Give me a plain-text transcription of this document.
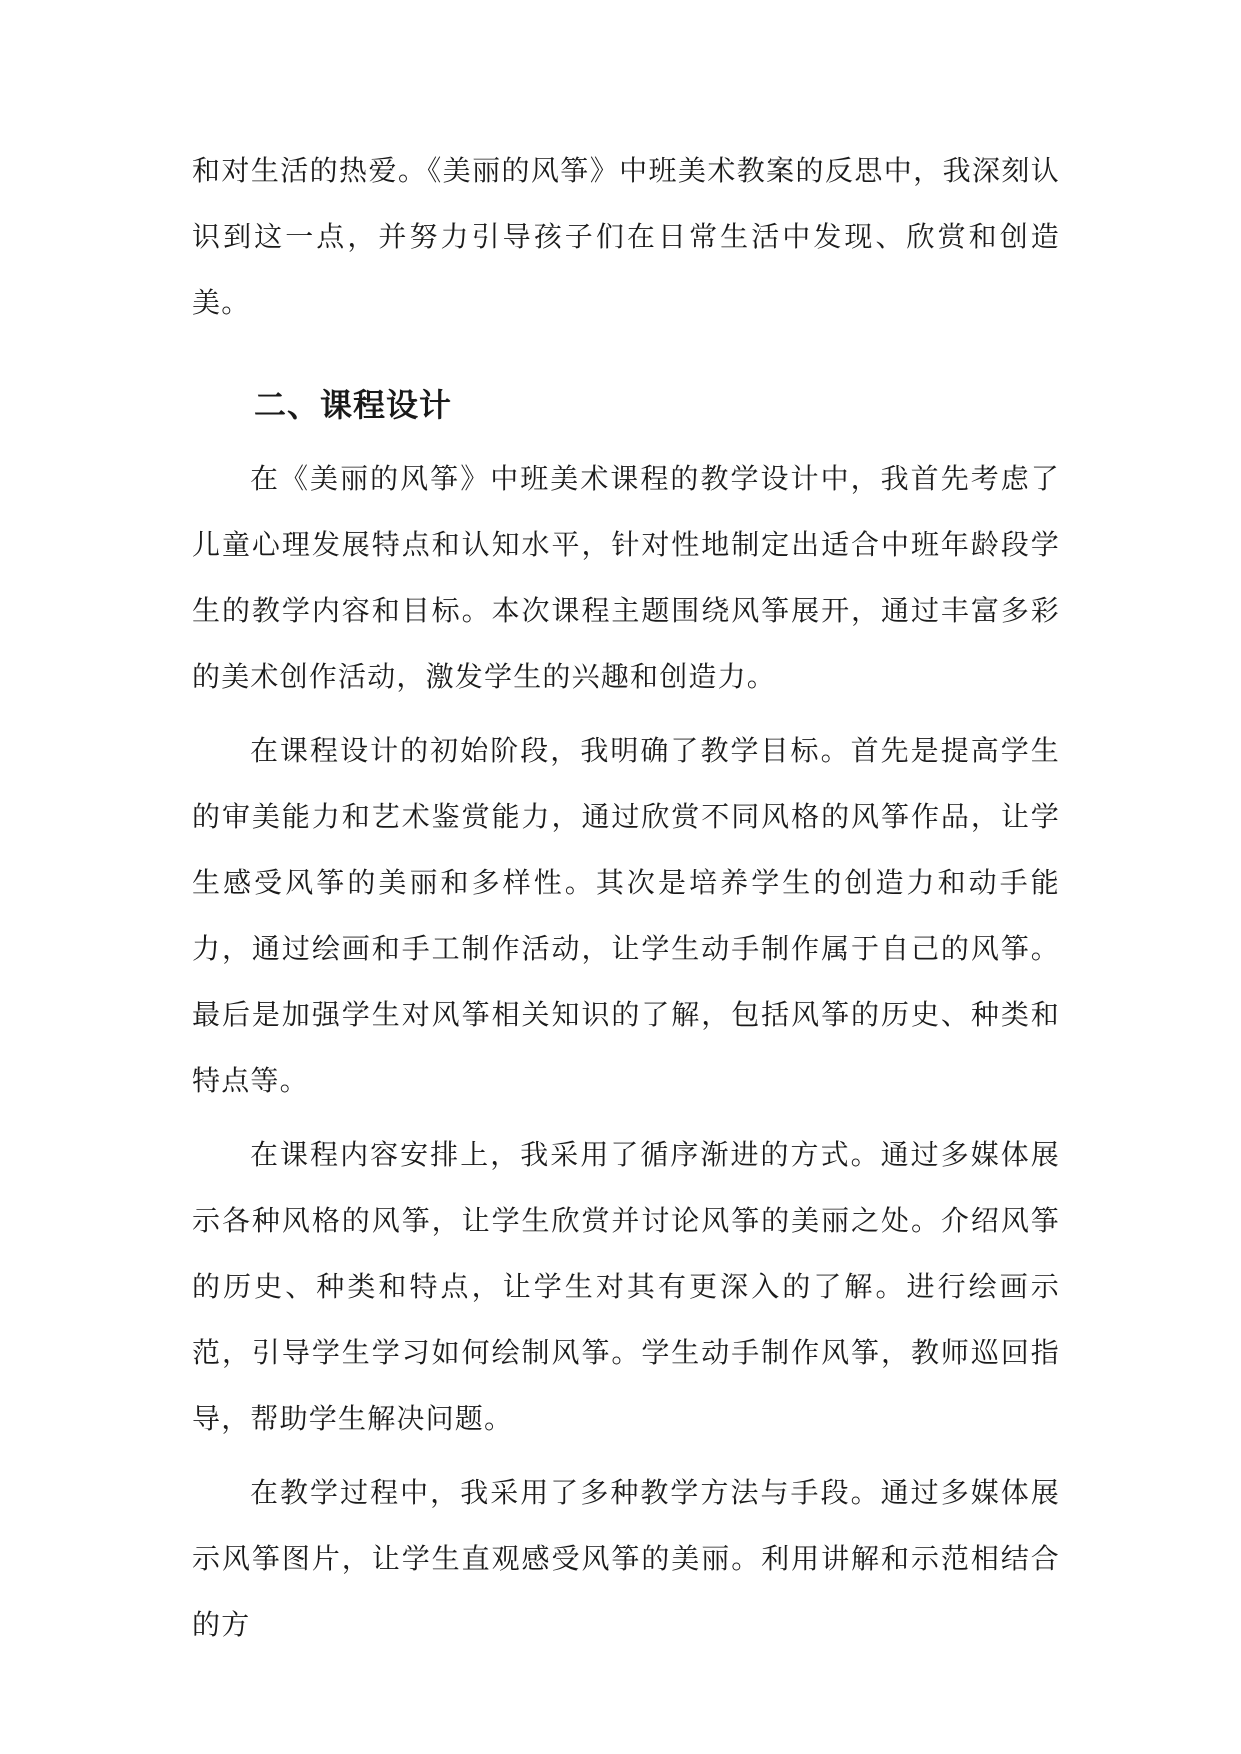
和对生活的热爱。《美丽的风筝》中班美术教案的反思中，我深刻认识到这一点，并努力引导孩子们在日常生活中发现、欣赏和创造美。

二、课程设计

在《美丽的风筝》中班美术课程的教学设计中，我首先考虑了儿童心理发展特点和认知水平，针对性地制定出适合中班年龄段学生的教学内容和目标。本次课程主题围绕风筝展开，通过丰富多彩的美术创作活动，激发学生的兴趣和创造力。

在课程设计的初始阶段，我明确了教学目标。首先是提高学生的审美能力和艺术鉴赏能力，通过欣赏不同风格的风筝作品，让学生感受风筝的美丽和多样性。其次是培养学生的创造力和动手能力，通过绘画和手工制作活动，让学生动手制作属于自己的风筝。最后是加强学生对风筝相关知识的了解，包括风筝的历史、种类和特点等。

在课程内容安排上，我采用了循序渐进的方式。通过多媒体展示各种风格的风筝，让学生欣赏并讨论风筝的美丽之处。介绍风筝的历史、种类和特点，让学生对其有更深入的了解。进行绘画示范，引导学生学习如何绘制风筝。学生动手制作风筝，教师巡回指导，帮助学生解决问题。

在教学过程中，我采用了多种教学方法与手段。通过多媒体展示风筝图片，让学生直观感受风筝的美丽。利用讲解和示范相结合的方
